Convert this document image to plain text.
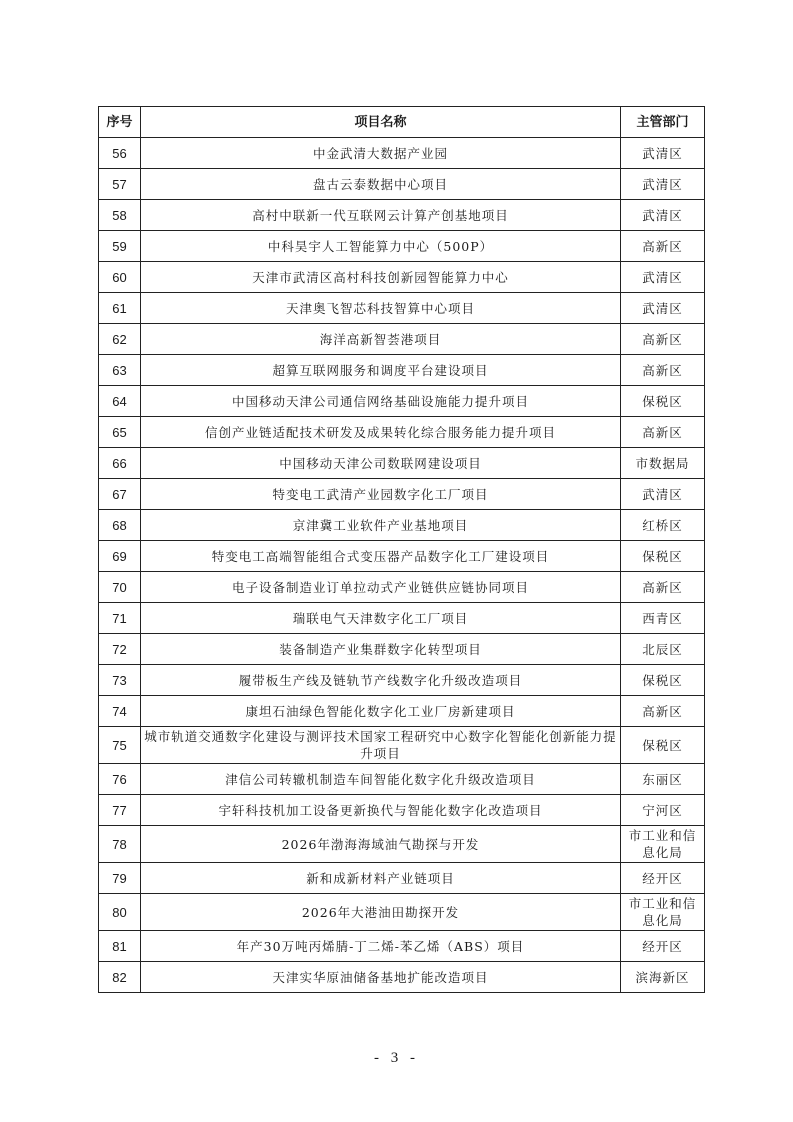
序号	项目名称	主管部门
56	中金武清大数据产业园	武清区
57	盘古云泰数据中心项目	武清区
58	高村中联新一代互联网云计算产创基地项目	武清区
59	中科昊宇人工智能算力中心（500P）	高新区
60	天津市武清区高村科技创新园智能算力中心	武清区
61	天津奥飞智芯科技智算中心项目	武清区
62	海洋高新智荟港项目	高新区
63	超算互联网服务和调度平台建设项目	高新区
64	中国移动天津公司通信网络基础设施能力提升项目	保税区
65	信创产业链适配技术研发及成果转化综合服务能力提升项目	高新区
66	中国移动天津公司数联网建设项目	市数据局
67	特变电工武清产业园数字化工厂项目	武清区
68	京津冀工业软件产业基地项目	红桥区
69	特变电工高端智能组合式变压器产品数字化工厂建设项目	保税区
70	电子设备制造业订单拉动式产业链供应链协同项目	高新区
71	瑞联电气天津数字化工厂项目	西青区
72	装备制造产业集群数字化转型项目	北辰区
73	履带板生产线及链轨节产线数字化升级改造项目	保税区
74	康坦石油绿色智能化数字化工业厂房新建项目	高新区
75	城市轨道交通数字化建设与测评技术国家工程研究中心数字化智能化创新能力提升项目	保税区
76	津信公司转辙机制造车间智能化数字化升级改造项目	东丽区
77	宇轩科技机加工设备更新换代与智能化数字化改造项目	宁河区
78	2026年渤海海域油气勘探与开发	市工业和信息化局
79	新和成新材料产业链项目	经开区
80	2026年大港油田勘探开发	市工业和信息化局
81	年产30万吨丙烯腈-丁二烯-苯乙烯（ABS）项目	经开区
82	天津实华原油储备基地扩能改造项目	滨海新区
- 3 -
